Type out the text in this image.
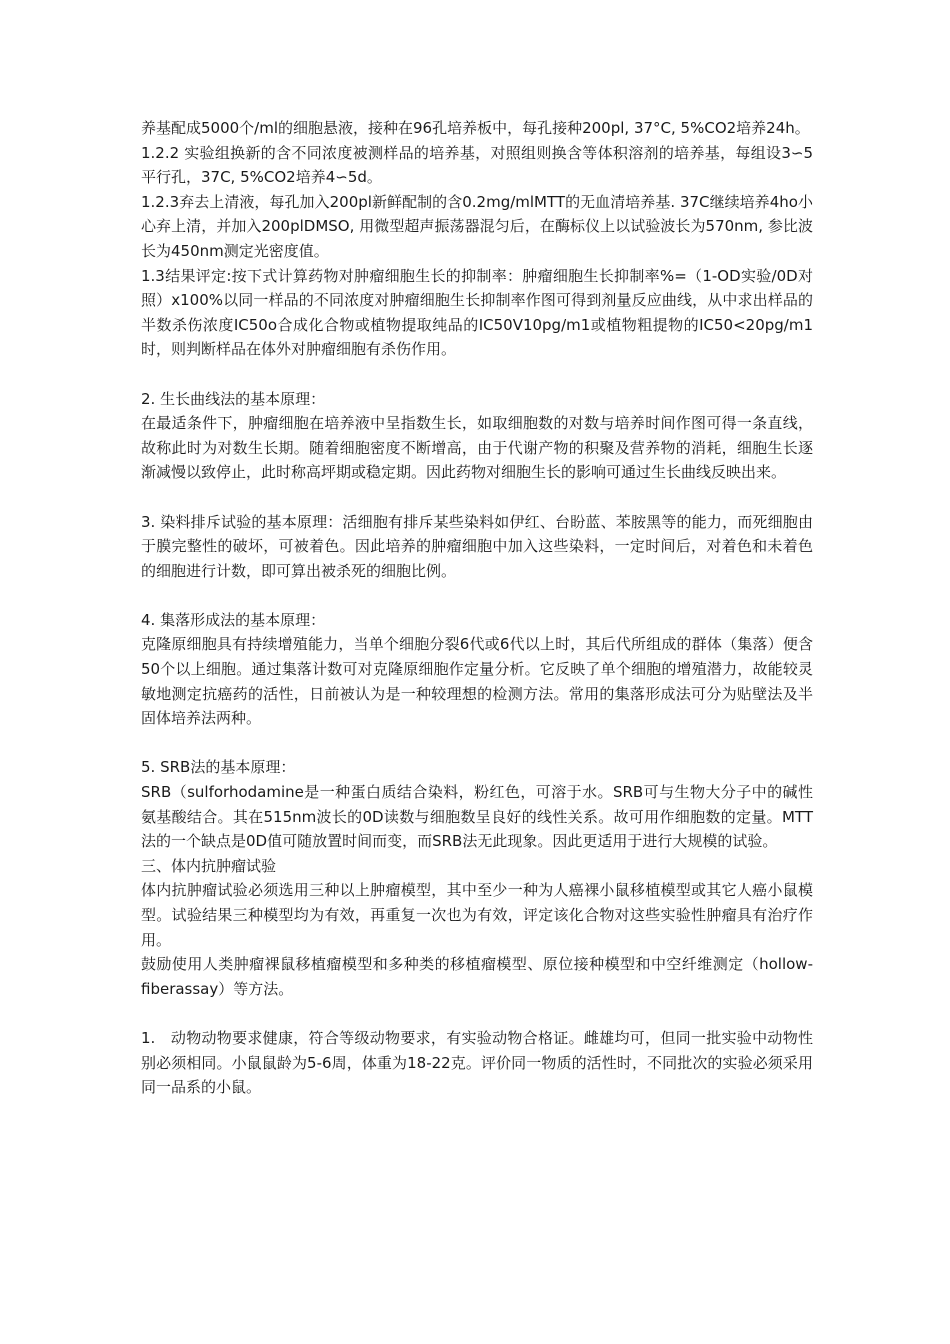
养基配成5000个/ml的细胞悬液，接种在96孔培养板中，每孔接种200pl, 37°C, 5%CO2培养24h。

1.2.2 实验组换新的含不同浓度被测样品的培养基，对照组则换含等体积溶剂的培养基，每组设3∽5平行孔，37C, 5%CO2培养4∽5d。

1.2.3弃去上清液，每孔加入200pl新鲜配制的含0.2mg/mlMTT的无血清培养基. 37C继续培养4ho小心弃上清，并加入200plDMSO, 用微型超声振荡器混匀后，在酶标仪上以试验波长为570nm, 参比波长为450nm测定光密度值。

1.3结果评定:按下式计算药物对肿瘤细胞生长的抑制率：肿瘤细胞生长抑制率%=（1-OD实验/0D对照）x100%以同一样品的不同浓度对肿瘤细胞生长抑制率作图可得到剂量反应曲线，从中求出样品的半数杀伤浓度IC50o合成化合物或植物提取纯品的IC50V10pg/m1或植物粗提物的IC50<20pg/m1时，则判断样品在体外对肿瘤细胞有杀伤作用。

2. 生长曲线法的基本原理：

在最适条件下，肿瘤细胞在培养液中呈指数生长，如取细胞数的对数与培养时间作图可得一条直线，故称此时为对数生长期。随着细胞密度不断增高，由于代谢产物的积聚及营养物的消耗，细胞生长逐渐减慢以致停止，此时称高坪期或稳定期。因此药物对细胞生长的影响可通过生长曲线反映出来。

3. 染料排斥试验的基本原理：活细胞有排斥某些染料如伊红、台盼蓝、苯胺黑等的能力，而死细胞由于膜完整性的破坏，可被着色。因此培养的肿瘤细胞中加入这些染料，一定时间后，对着色和未着色的细胞进行计数，即可算出被杀死的细胞比例。

4. 集落形成法的基本原理：

克隆原细胞具有持续增殖能力，当单个细胞分裂6代或6代以上时，其后代所组成的群体（集落）便含50个以上细胞。通过集落计数可对克隆原细胞作定量分析。它反映了单个细胞的增殖潜力，故能较灵敏地测定抗癌药的活性，日前被认为是一种较理想的检测方法。常用的集落形成法可分为贴壁法及半固体培养法两种。

5. SRB法的基本原理：

SRB（sulforhodamine是一种蛋白质结合染料，粉红色，可溶于水。SRB可与生物大分子中的碱性氨基酸结合。其在515nm波长的0D读数与细胞数呈良好的线性关系。故可用作细胞数的定量。MTT法的一个缺点是0D值可随放置时间而变，而SRB法无此现象。因此更适用于进行大规模的试验。

三、体内抗肿瘤试验

体内抗肿瘤试验必须选用三种以上肿瘤模型，其中至少一种为人癌裸小鼠移植模型或其它人癌小鼠模型。试验结果三种模型均为有效，再重复一次也为有效，评定该化合物对这些实验性肿瘤具有治疗作用。

鼓励使用人类肿瘤裸鼠移植瘤模型和多种类的移植瘤模型、原位接种模型和中空纤维测定（hollow-fiberassay）等方法。

1.　动物动物要求健康，符合等级动物要求，有实验动物合格证。雌雄均可，但同一批实验中动物性别必须相同。小鼠鼠龄为5-6周，体重为18-22克。评价同一物质的活性时，不同批次的实验必须采用同一品系的小鼠。
